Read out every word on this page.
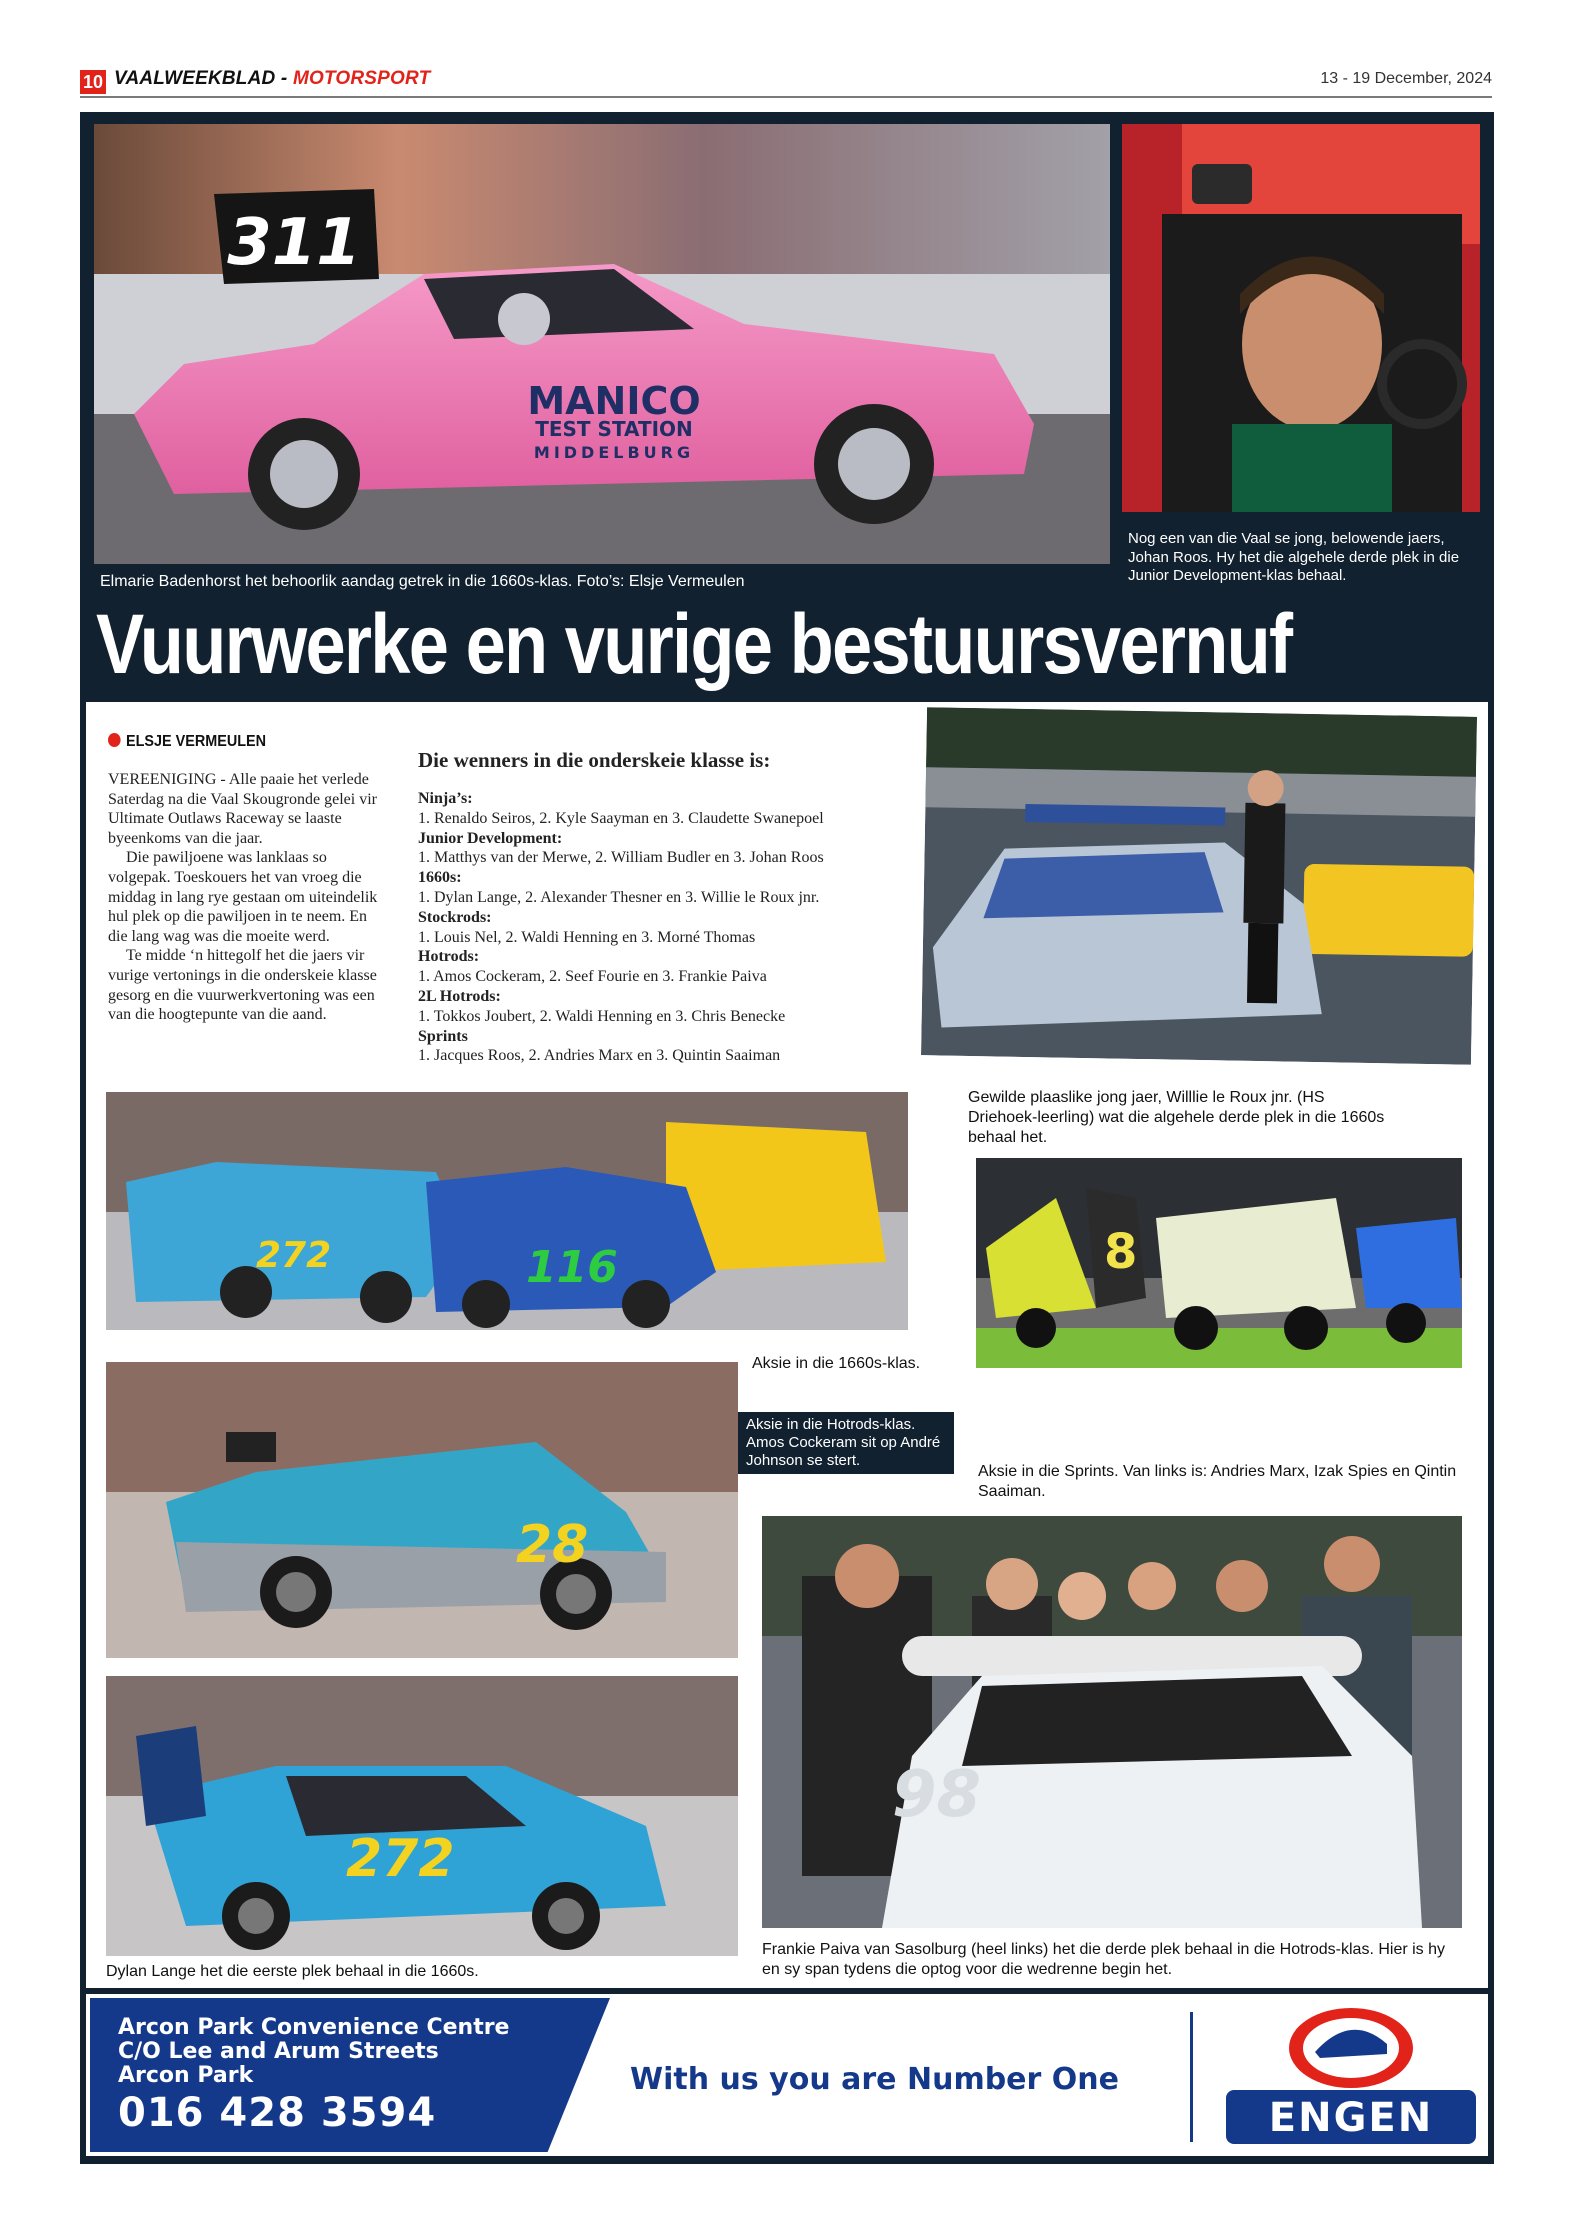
10 VAALWEEKBLAD - MOTORSPORT	13 - 19 December, 2024
311
MANICO
TEST STATION
MIDDELBURG
Elmarie Badenhorst het behoorlik aandag getrek in die 1660s-klas. Foto’s: Elsje Vermeulen
Nog een van die Vaal se jong, belowende jaers, Johan Roos. Hy het die algehele derde plek in die Junior Development-klas behaal.
Vuurwerke en vurige bestuursvernuf
ELSJE VERMEULEN

VEREENIGING - Alle paaie het verlede Saterdag na die Vaal Skougronde gelei vir Ultimate Outlaws Raceway se laaste byeenkoms van die jaar.

Die pawiljoene was lanklaas so volgepak. Toeskouers het van vroeg die middag in lang rye gestaan om uiteindelik hul plek op die pawiljoen in te neem. En die lang wag was die moeite werd.

Te midde ‘n hittegolf het die jaers vir vurige vertonings in die onderskeie klasse gesorg en die vuurwerkvertoning was een van die hoogtepunte van die aand.

Die wenners in die onderskeie klasse is:
Ninja’s:
1. Renaldo Seiros, 2. Kyle Saayman en 3. Claudette Swanepoel
Junior Development:
1. Matthys van der Merwe, 2. William Budler en 3. Johan Roos
1660s:
1. Dylan Lange, 2. Alexander Thesner en 3. Willie le Roux jnr.
Stockrods:
1. Louis Nel, 2. Waldi Henning en 3. Morné Thomas
Hotrods:
1. Amos Cockeram, 2. Seef Fourie en 3. Frankie Paiva
2L Hotrods:
1. Tokkos Joubert, 2. Waldi Henning en 3. Chris Benecke
Sprints
1. Jacques Roos, 2. Andries Marx en 3. Quintin Saaiman
Gewilde plaaslike jong jaer, Willlie le Roux jnr. (HS Driehoek-leerling) wat die algehele derde plek in die 1660s behaal het.
272	116
Aksie in die 1660s-klas.
8
Aksie in die Sprints. Van links is: Andries Marx, Izak Spies en Qintin Saaiman.
28
Aksie in die Hotrods-klas. Amos Cockeram sit op André Johnson se stert.
272
Dylan Lange het die eerste plek behaal in die 1660s.
98
Frankie Paiva van Sasolburg (heel links) het die derde plek behaal in die Hotrods-klas. Hier is hy en sy span tydens die optog voor die wedrenne begin het.
Arcon Park Convenience Centre
C/O Lee and Arum Streets
Arcon Park
016 428 3594
With us you are Number One
ENGEN
